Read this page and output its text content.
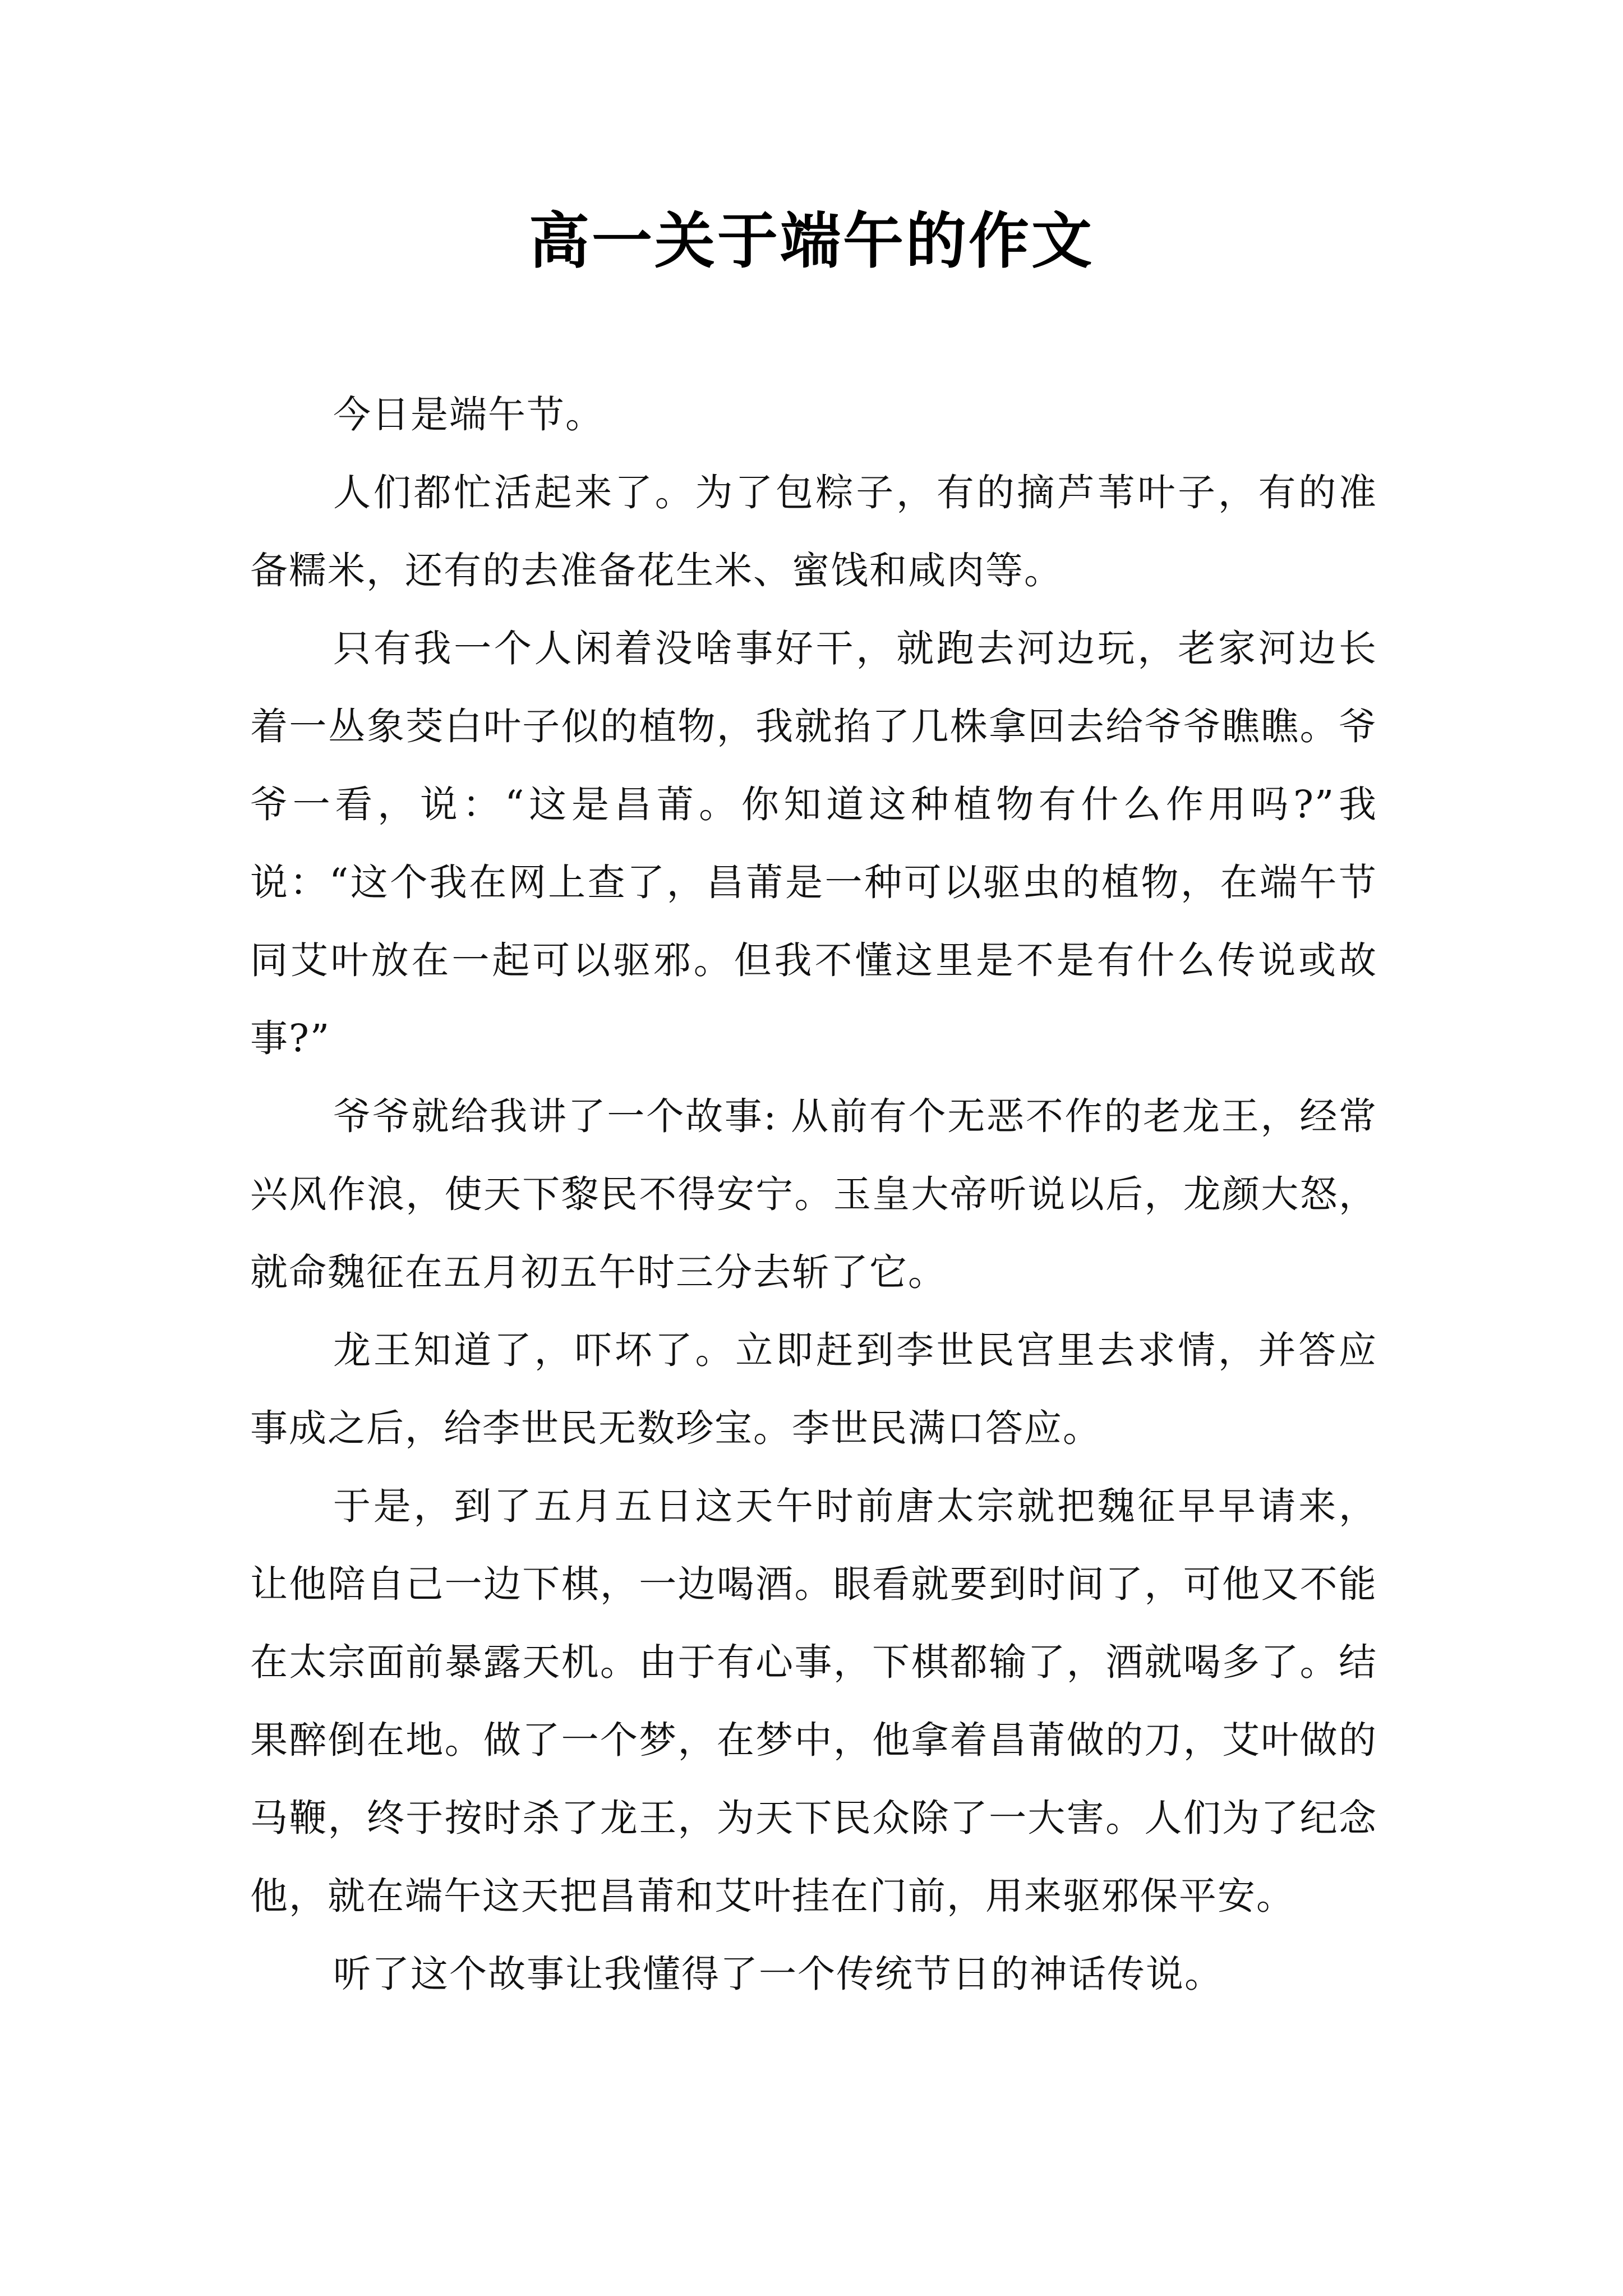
高一关于端午的作文

今日是端午节。

人们都忙活起来了。为了包粽子，有的摘芦苇叶子，有的准备糯米，还有的去准备花生米、蜜饯和咸肉等。

只有我一个人闲着没啥事好干，就跑去河边玩，老家河边长着一丛象茭白叶子似的植物，我就掐了几株拿回去给爷爷瞧瞧。爷爷一看，说：“这是昌莆。你知道这种植物有什么作用吗?”我说：“这个我在网上查了，昌莆是一种可以驱虫的植物，在端午节同艾叶放在一起可以驱邪。但我不懂这里是不是有什么传说或故事?”

爷爷就给我讲了一个故事: 从前有个无恶不作的老龙王，经常兴风作浪，使天下黎民不得安宁。玉皇大帝听说以后，龙颜大怒，就命魏征在五月初五午时三分去斩了它。

龙王知道了，吓坏了。立即赶到李世民宫里去求情，并答应事成之后，给李世民无数珍宝。李世民满口答应。

于是，到了五月五日这天午时前唐太宗就把魏征早早请来，让他陪自己一边下棋，一边喝酒。眼看就要到时间了，可他又不能在太宗面前暴露天机。由于有心事，下棋都输了，酒就喝多了。结果醉倒在地。做了一个梦，在梦中，他拿着昌莆做的刀，艾叶做的马鞭，终于按时杀了龙王，为天下民众除了一大害。人们为了纪念他，就在端午这天把昌莆和艾叶挂在门前，用来驱邪保平安。

听了这个故事让我懂得了一个传统节日的神话传说。
